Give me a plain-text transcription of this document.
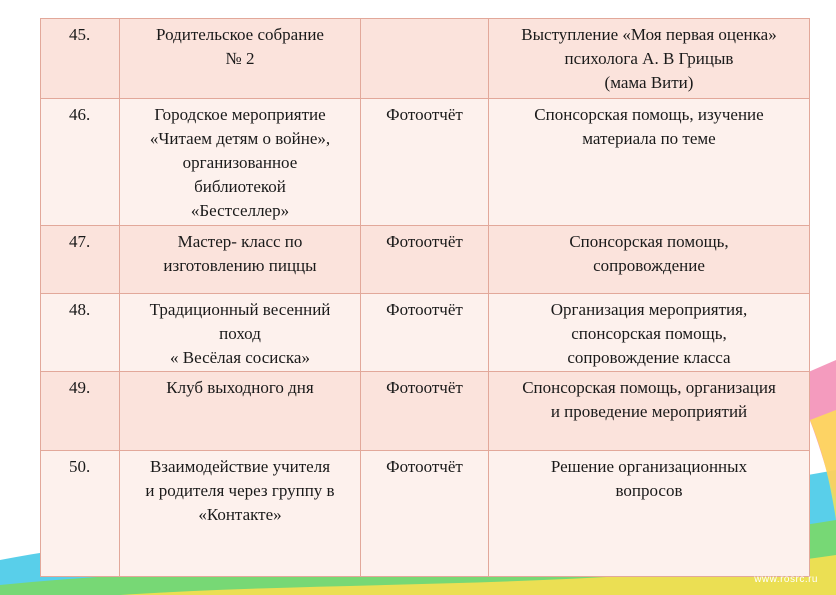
45.	Родительское собрание
№ 2		Выступление «Моя первая оценка»
психолога А. В Грицыв
(мама Вити)
46.	Городское мероприятие
«Читаем детям о войне»,
организованное
библиотекой
«Бестселлер»	Фотоотчёт	Спонсорская помощь, изучение
материала по теме
47.	Мастер- класс по
изготовлению пиццы	Фотоотчёт	Спонсорская помощь,
сопровождение
48.	Традиционный весенний
поход
« Весёлая сосиска»	Фотоотчёт	Организация мероприятия,
спонсорская помощь,
сопровождение класса
49.	Клуб выходного дня	Фотоотчёт	Спонсорская помощь, организация
и проведение мероприятий
50.	Взаимодействие учителя
и родителя через группу в
«Контакте»	Фотоотчёт	Решение организационных
вопросов
www.rosrc.ru
